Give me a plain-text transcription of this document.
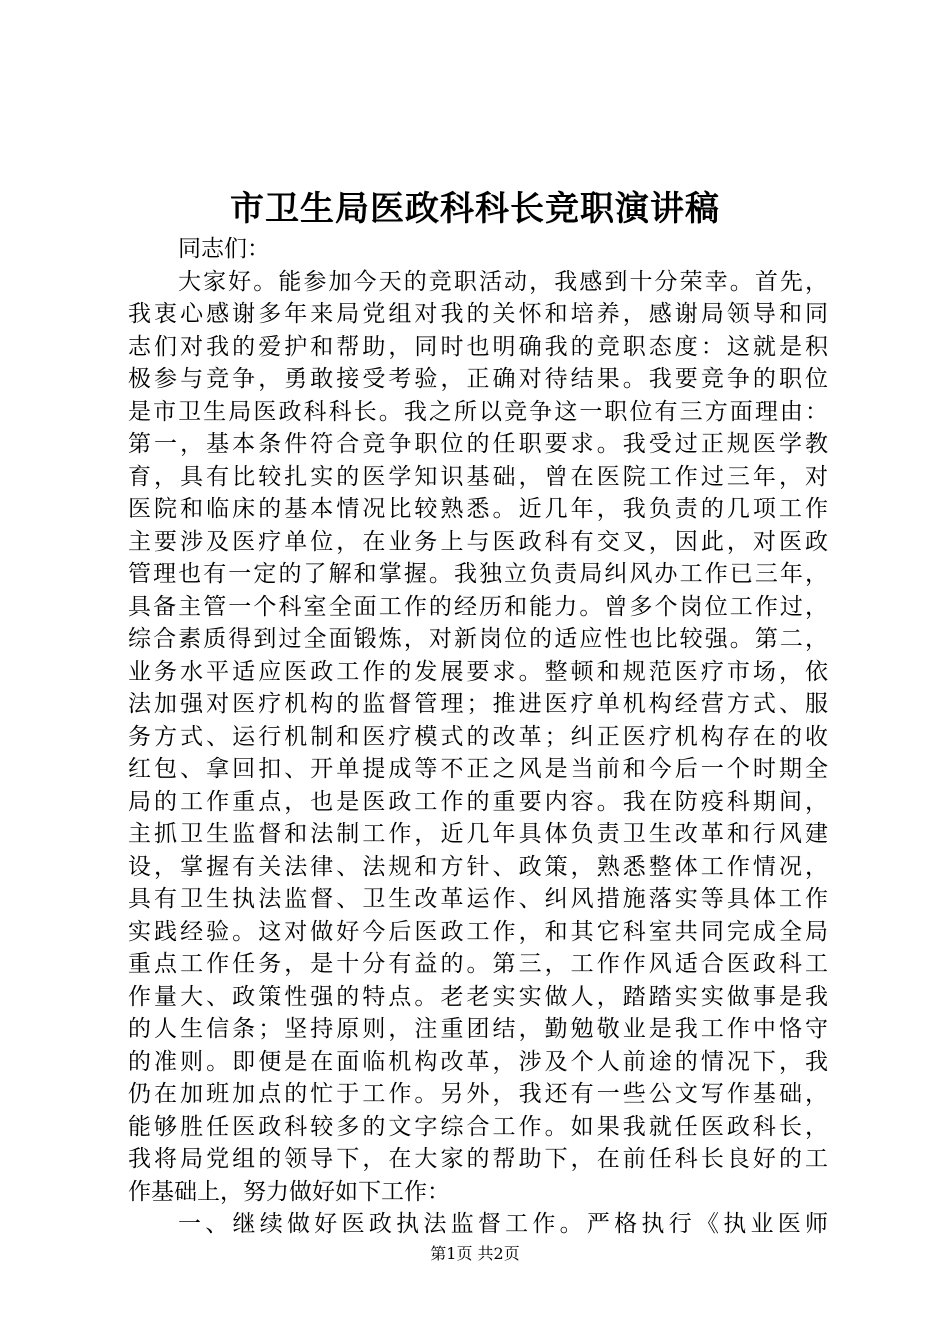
市卫生局医政科科长竞职演讲稿
同志们：
大家好。能参加今天的竞职活动，我感到十分荣幸。首先，
我衷心感谢多年来局党组对我的关怀和培养，感谢局领导和同
志们对我的爱护和帮助，同时也明确我的竞职态度：这就是积
极参与竞争，勇敢接受考验，正确对待结果。我要竞争的职位
是市卫生局医政科科长。我之所以竞争这一职位有三方面理由：
第一，基本条件符合竞争职位的任职要求。我受过正规医学教
育，具有比较扎实的医学知识基础，曾在医院工作过三年，对
医院和临床的基本情况比较熟悉。近几年，我负责的几项工作
主要涉及医疗单位，在业务上与医政科有交叉，因此，对医政
管理也有一定的了解和掌握。我独立负责局纠风办工作已三年，
具备主管一个科室全面工作的经历和能力。曾多个岗位工作过，
综合素质得到过全面锻炼，对新岗位的适应性也比较强。第二，
业务水平适应医政工作的发展要求。整顿和规范医疗市场，依
法加强对医疗机构的监督管理；推进医疗单机构经营方式、服
务方式、运行机制和医疗模式的改革；纠正医疗机构存在的收
红包、拿回扣、开单提成等不正之风是当前和今后一个时期全
局的工作重点，也是医政工作的重要内容。我在防疫科期间，
主抓卫生监督和法制工作，近几年具体负责卫生改革和行风建
设，掌握有关法律、法规和方针、政策，熟悉整体工作情况，
具有卫生执法监督、卫生改革运作、纠风措施落实等具体工作
实践经验。这对做好今后医政工作，和其它科室共同完成全局
重点工作任务，是十分有益的。第三，工作作风适合医政科工
作量大、政策性强的特点。老老实实做人，踏踏实实做事是我
的人生信条；坚持原则，注重团结，勤勉敬业是我工作中恪守
的准则。即便是在面临机构改革，涉及个人前途的情况下，我
仍在加班加点的忙于工作。另外，我还有一些公文写作基础，
能够胜任医政科较多的文字综合工作。如果我就任医政科长，
我将局党组的领导下，在大家的帮助下，在前任科长良好的工
作基础上，努力做好如下工作：
一、继续做好医政执法监督工作。严格执行《执业医师
第1页 共2页
